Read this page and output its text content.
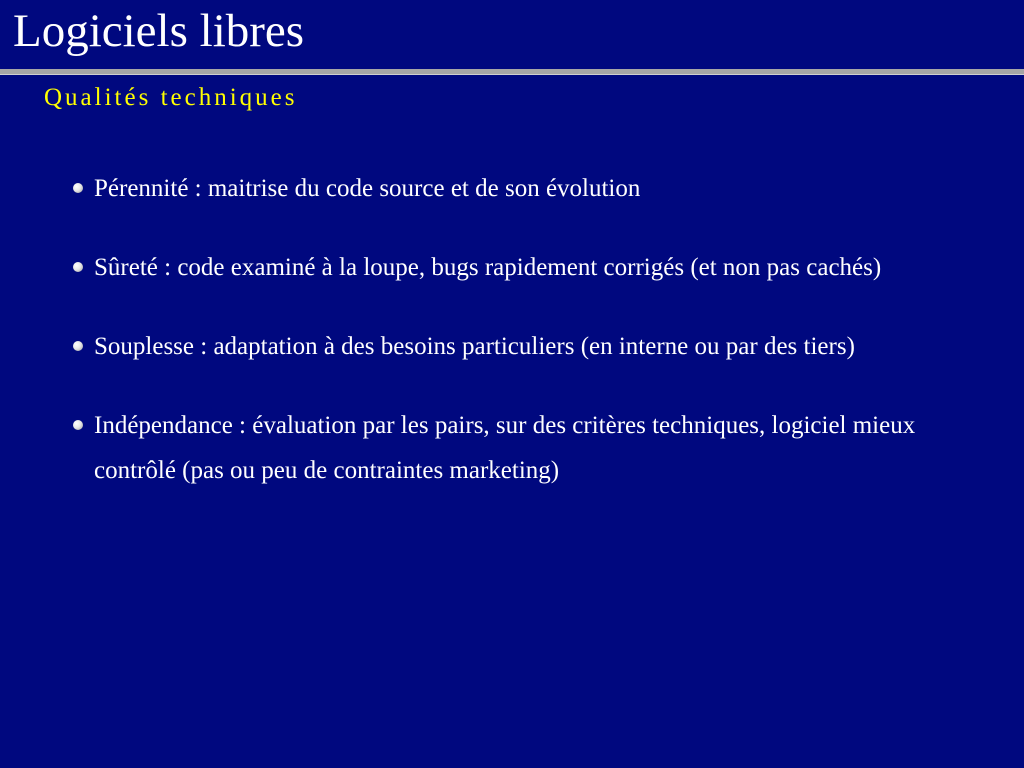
Logiciels libres
Qualités techniques
Pérennité : maitrise du code source et de son évolution
Sûreté : code examiné à la loupe, bugs rapidement corrigés (et non pas cachés)
Souplesse : adaptation à des besoins particuliers (en interne ou par des tiers)
Indépendance : évaluation par les pairs, sur des critères techniques, logiciel mieux contrôlé (pas ou peu de contraintes marketing)
